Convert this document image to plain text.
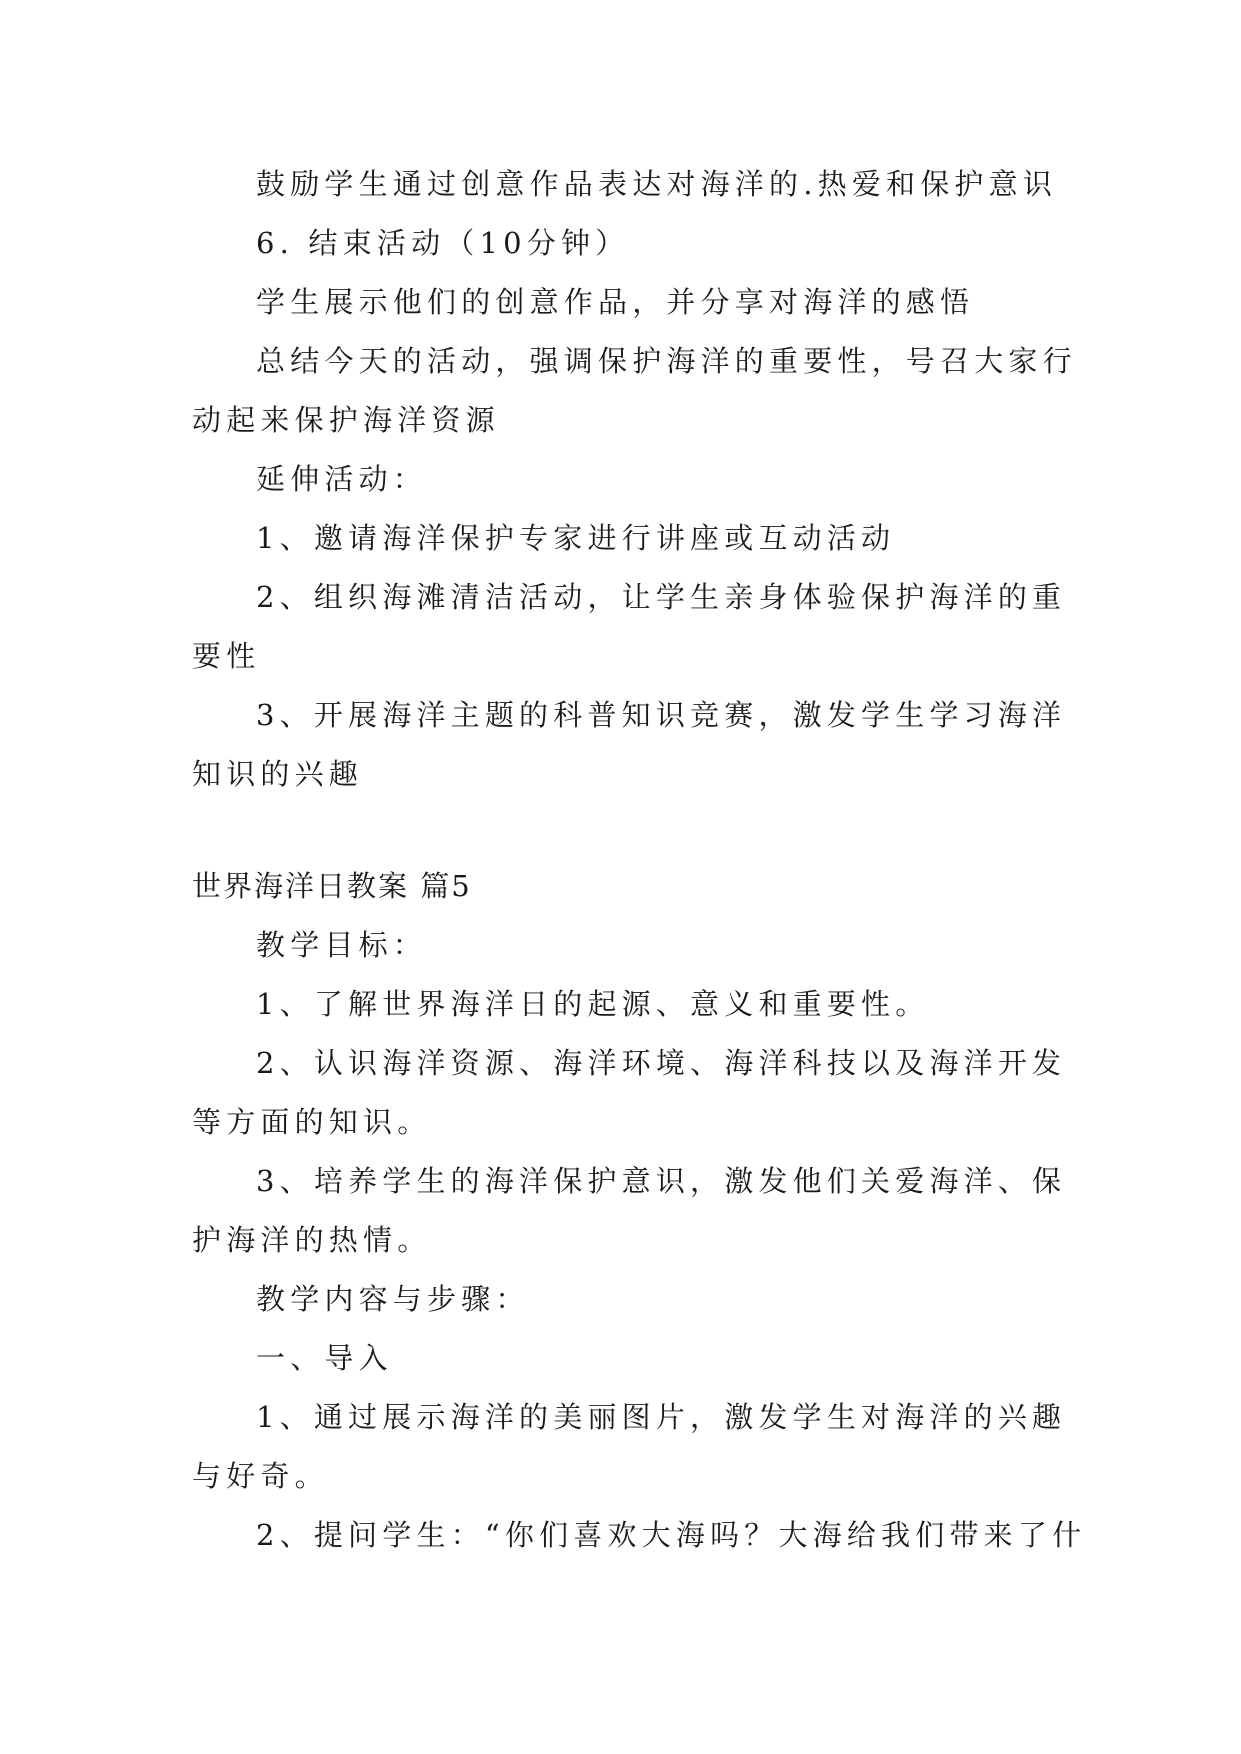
鼓励学生通过创意作品表达对海洋的.热爱和保护意识
6. 结束活动（10分钟）
学生展示他们的创意作品，并分享对海洋的感悟
总结今天的活动，强调保护海洋的重要性，号召大家行
动起来保护海洋资源
延伸活动：
1、邀请海洋保护专家进行讲座或互动活动
2、组织海滩清洁活动，让学生亲身体验保护海洋的重
要性
3、开展海洋主题的科普知识竞赛，激发学生学习海洋
知识的兴趣
世界海洋日教案 篇5
教学目标：
1、了解世界海洋日的起源、意义和重要性。
2、认识海洋资源、海洋环境、海洋科技以及海洋开发
等方面的知识。
3、培养学生的海洋保护意识，激发他们关爱海洋、保
护海洋的热情。
教学内容与步骤：
一、导入
1、通过展示海洋的美丽图片，激发学生对海洋的兴趣
与好奇。
2、提问学生：“你们喜欢大海吗？大海给我们带来了什
